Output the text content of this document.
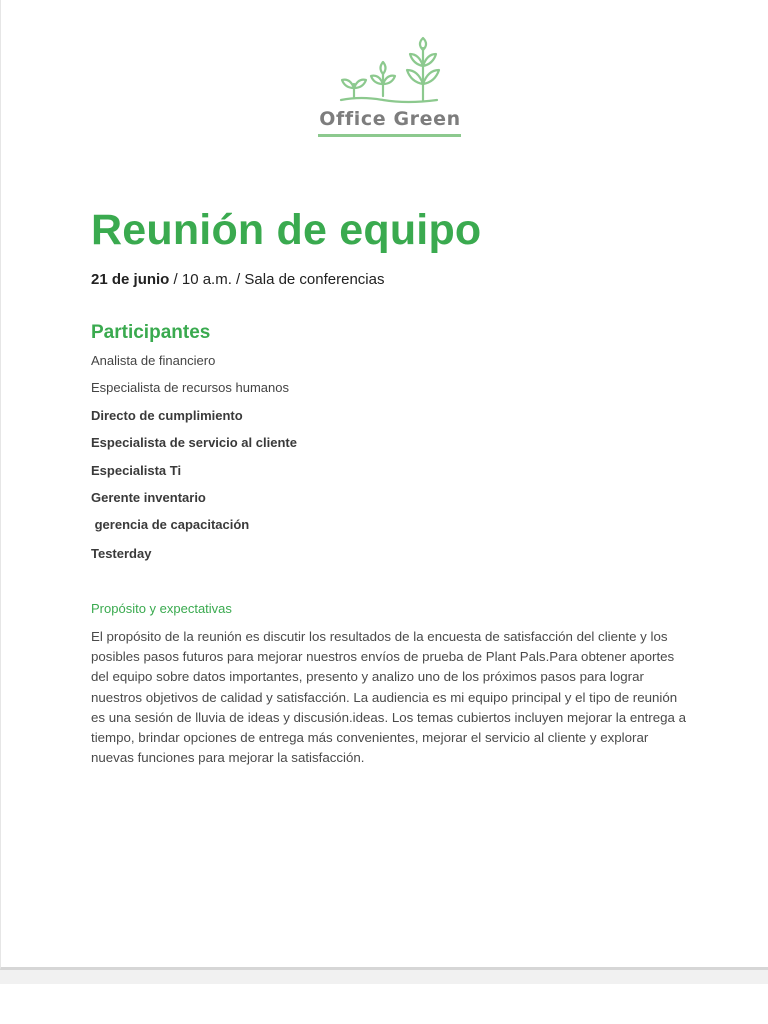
Office Green
Reunión de equipo
21 de junio / 10 a.m. / Sala de conferencias
Participantes
Analista de financiero
Especialista de recursos humanos
Directo de cumplimiento
Especialista de servicio al cliente
Especialista Ti
Gerente inventario
gerencia de capacitación
Testerday
Propósito y expectativas

El propósito de la reunión es discutir los resultados de la encuesta de satisfacción del cliente y los posibles pasos futuros para mejorar nuestros envíos de prueba de Plant Pals.Para obtener aportes del equipo sobre datos importantes, presento y analizo uno de los próximos pasos para lograr nuestros objetivos de calidad y satisfacción. La audiencia es mi equipo principal y el tipo de reunión es una sesión de lluvia de ideas y discusión.ideas. Los temas cubiertos incluyen mejorar la entrega a tiempo, brindar opciones de entrega más convenientes, mejorar el servicio al cliente y explorar nuevas funciones para mejorar la satisfacción.
